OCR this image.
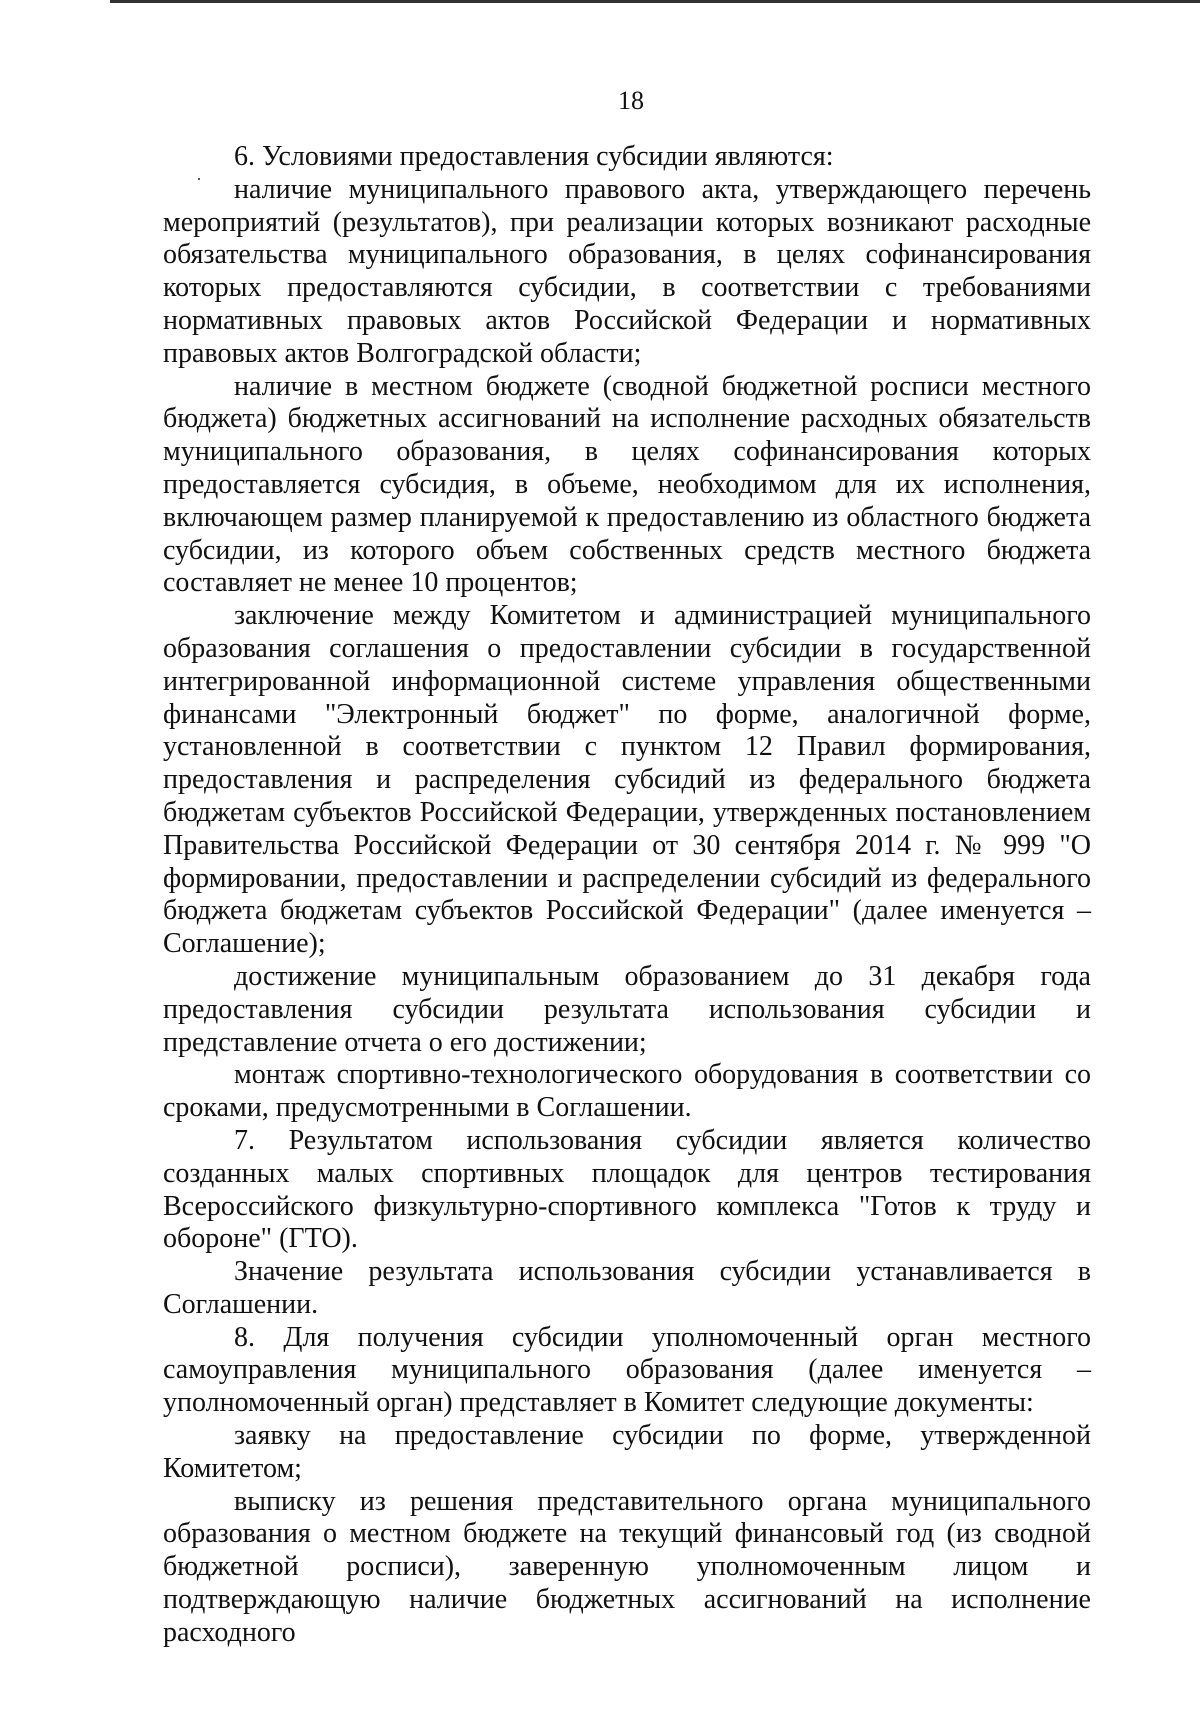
18

6. Условиями предоставления субсидии являются:

наличие муниципального правового акта, утверждающего перечень мероприятий (результатов), при реализации которых возникают расходные обязательства муниципального образования, в целях софинансирования которых предоставляются субсидии, в соответствии с требованиями нормативных правовых актов Российской Федерации и нормативных правовых актов Волгоградской области;

наличие в местном бюджете (сводной бюджетной росписи местного бюджета) бюджетных ассигнований на исполнение расходных обязательств муниципального образования, в целях софинансирования которых предоставляется субсидия, в объеме, необходимом для их исполнения, включающем размер планируемой к предоставлению из областного бюджета субсидии, из которого объем собственных средств местного бюджета составляет не менее 10 процентов;

заключение между Комитетом и администрацией муниципального образования соглашения о предоставлении субсидии в государственной интегрированной информационной системе управления общественными финансами "Электронный бюджет" по форме, аналогичной форме, установленной в соответствии с пунктом 12 Правил формирования, предоставления и распределения субсидий из федерального бюджета бюджетам субъектов Российской Федерации, утвержденных постановлением Правительства Российской Федерации от 30 сентября 2014 г. № 999 "О формировании, предоставлении и распределении субсидий из федерального бюджета бюджетам субъектов Российской Федерации" (далее именуется – Соглашение);

достижение муниципальным образованием до 31 декабря года предоставления субсидии результата использования субсидии и представление отчета о его достижении;

монтаж спортивно-технологического оборудования в соответствии со сроками, предусмотренными в Соглашении.

7. Результатом использования субсидии является количество созданных малых спортивных площадок для центров тестирования Всероссийского физкультурно-спортивного комплекса "Готов к труду и обороне" (ГТО).

Значение результата использования субсидии устанавливается в Соглашении.

8. Для получения субсидии уполномоченный орган местного самоуправления муниципального образования (далее именуется – уполномоченный орган) представляет в Комитет следующие документы:

заявку на предоставление субсидии по форме, утвержденной Комитетом;

выписку из решения представительного органа муниципального образования о местном бюджете на текущий финансовый год (из сводной бюджетной росписи), заверенную уполномоченным лицом и подтверждающую наличие бюджетных ассигнований на исполнение расходного
